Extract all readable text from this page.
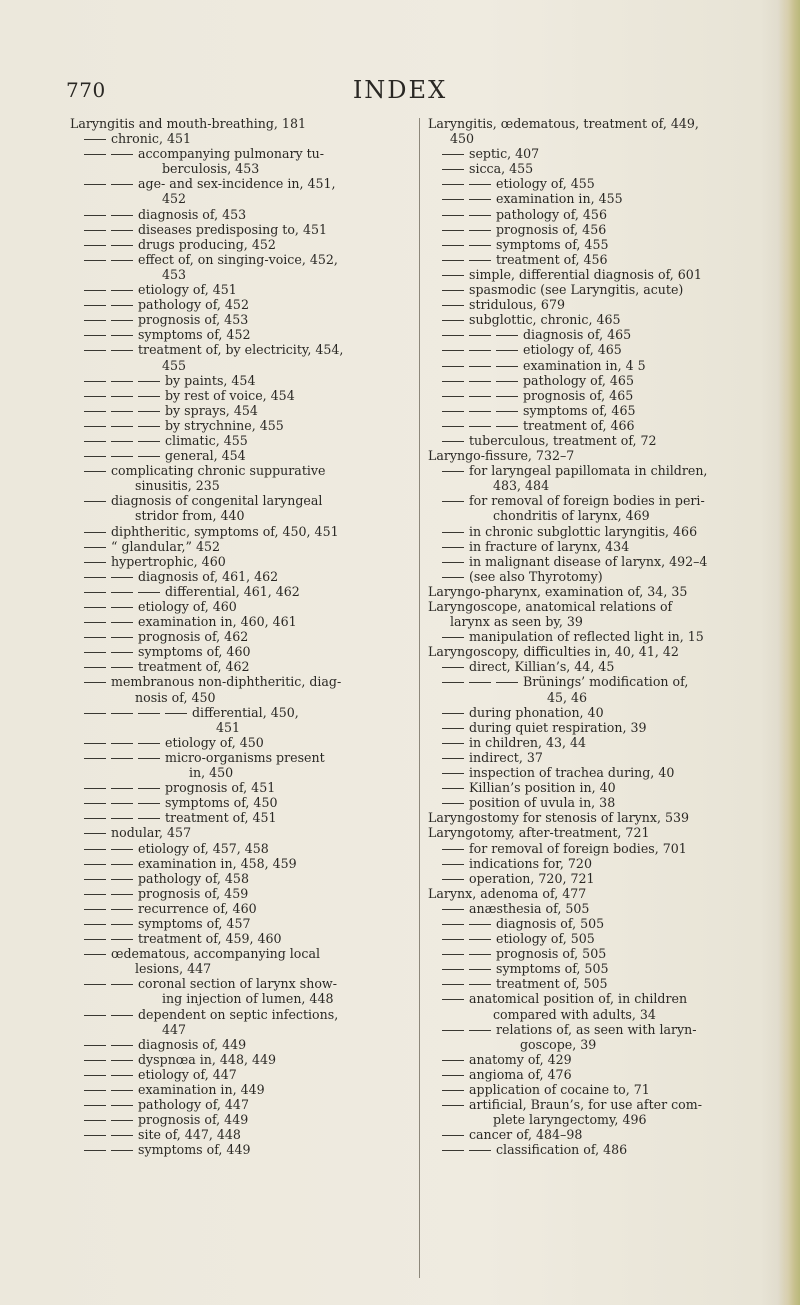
770	INDEX
Laryngitis and mouth-breathing, 181
chronic, 451
accompanying pulmonary tu-
berculosis, 453
age- and sex-incidence in, 451,
452
diagnosis of, 453
diseases predisposing to, 451
drugs producing, 452
effect of, on singing-voice, 452,
453
etiology of, 451
pathology of, 452
prognosis of, 453
symptoms of, 452
treatment of, by electricity, 454,
455
by paints, 454
by rest of voice, 454
by sprays, 454
by strychnine, 455
climatic, 455
general, 454
complicating chronic suppurative
sinusitis, 235
diagnosis of congenital laryngeal
stridor from, 440
diphtheritic, symptoms of, 450, 451
“ glandular,” 452
hypertrophic, 460
diagnosis of, 461, 462
differential, 461, 462
etiology of, 460
examination in, 460, 461
prognosis of, 462
symptoms of, 460
treatment of, 462
membranous non-diphtheritic, diag-
nosis of, 450
differential, 450,
451
etiology of, 450
micro-organisms present
in, 450
prognosis of, 451
symptoms of, 450
treatment of, 451
nodular, 457
etiology of, 457, 458
examination in, 458, 459
pathology of, 458
prognosis of, 459
recurrence of, 460
symptoms of, 457
treatment of, 459, 460
œdematous, accompanying local
lesions, 447
coronal section of larynx show-
ing injection of lumen, 448
dependent on septic infections,
447
diagnosis of, 449
dyspnœa in, 448, 449
etiology of, 447
examination in, 449
pathology of, 447
prognosis of, 449
site of, 447, 448
symptoms of, 449
Laryngitis, œdematous, treatment of, 449,
450
septic, 407
sicca, 455
etiology of, 455
examination in, 455
pathology of, 456
prognosis of, 456
symptoms of, 455
treatment of, 456
simple, differential diagnosis of, 601
spasmodic (see Laryngitis, acute)
stridulous, 679
subglottic, chronic, 465
diagnosis of, 465
etiology of, 465
examination in, 4 5
pathology of, 465
prognosis of, 465
symptoms of, 465
treatment of, 466
tuberculous, treatment of, 72
Laryngo-fissure, 732–7
for laryngeal papillomata in children,
483, 484
for removal of foreign bodies in peri-
chondritis of larynx, 469
in chronic subglottic laryngitis, 466
in fracture of larynx, 434
in malignant disease of larynx, 492–4
(see also Thyrotomy)
Laryngo-pharynx, examination of, 34, 35
Laryngoscope, anatomical relations of
larynx as seen by, 39
manipulation of reflected light in, 15
Laryngoscopy, difficulties in, 40, 41, 42
direct, Killian’s, 44, 45
Brünings’ modification of,
45, 46
during phonation, 40
during quiet respiration, 39
in children, 43, 44
indirect, 37
inspection of trachea during, 40
Killian’s position in, 40
position of uvula in, 38
Laryngostomy for stenosis of larynx, 539
Laryngotomy, after-treatment, 721
for removal of foreign bodies, 701
indications for, 720
operation, 720, 721
Larynx, adenoma of, 477
anæsthesia of, 505
diagnosis of, 505
etiology of, 505
prognosis of, 505
symptoms of, 505
treatment of, 505
anatomical position of, in children
compared with adults, 34
relations of, as seen with laryn-
goscope, 39
anatomy of, 429
angioma of, 476
application of cocaine to, 71
artificial, Braun’s, for use after com-
plete laryngectomy, 496
cancer of, 484–98
classification of, 486
